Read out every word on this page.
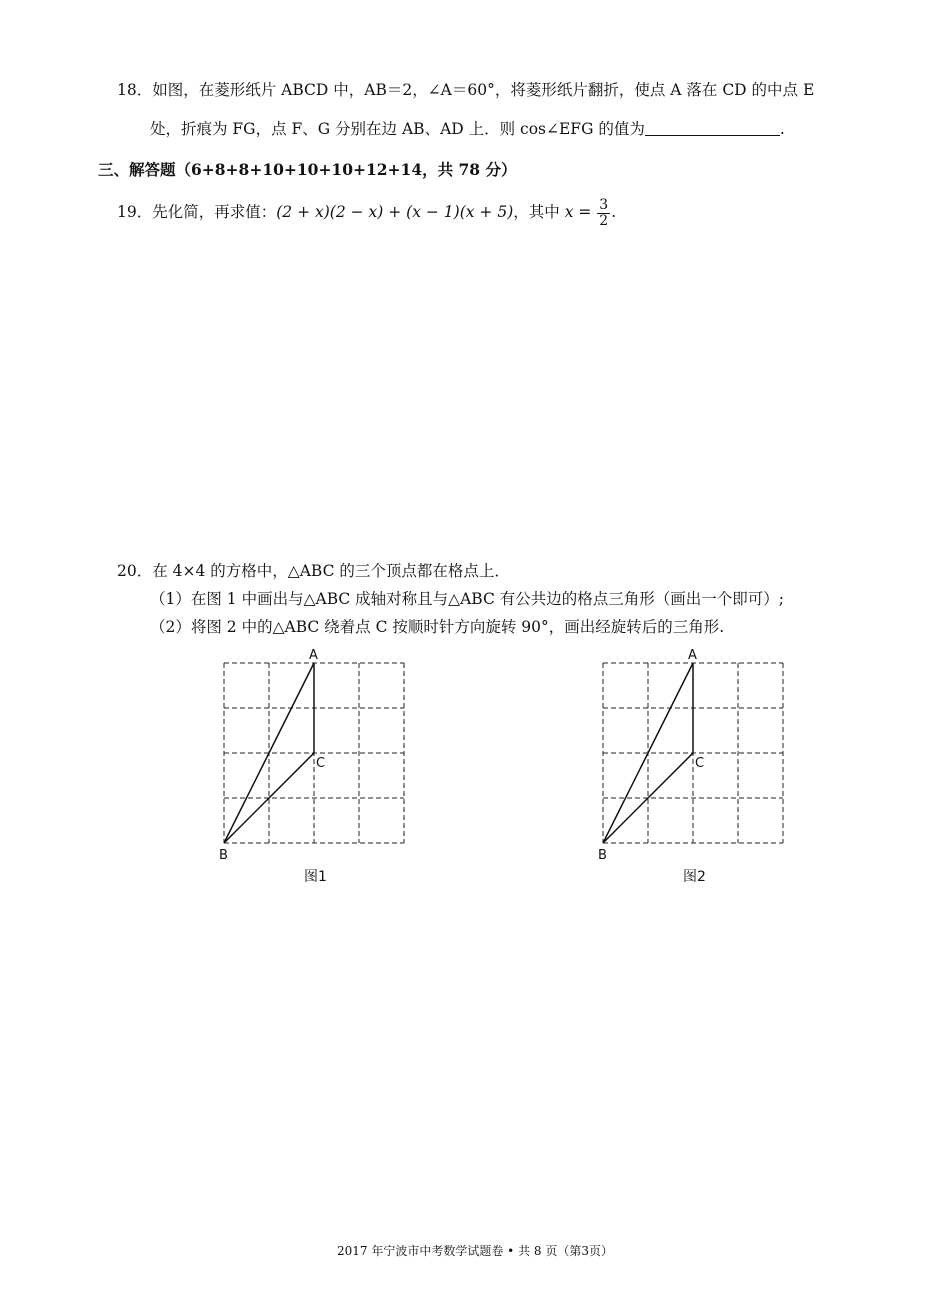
18．如图，在菱形纸片 ABCD 中，AB＝2，∠A＝60°，将菱形纸片翻折，使点 A 落在 CD 的中点 E
处，折痕为 FG，点 F、G 分别在边 AB、AD 上．则 cos∠EFG 的值为	.
三、解答题（6+8+8+10+10+10+12+14，共 78 分）
19．先化简，再求值：(2 + x)(2 − x) + (x − 1)(x + 5)，其中 $x = \frac{3}{2}$ .
20．在 4×4 的方格中，△ABC 的三个顶点都在格点上．
（1）在图 1 中画出与△ABC 成轴对称且与△ABC 有公共边的格点三角形（画出一个即可）;
（2）将图 2 中的△ABC 绕着点 C 按顺时针方向旋转 90°，画出经旋转后的三角形.
A
B
C
图1
A
B
C
图2
2017 年宁波市中考数学试题卷 • 共 8 页（第3页）
